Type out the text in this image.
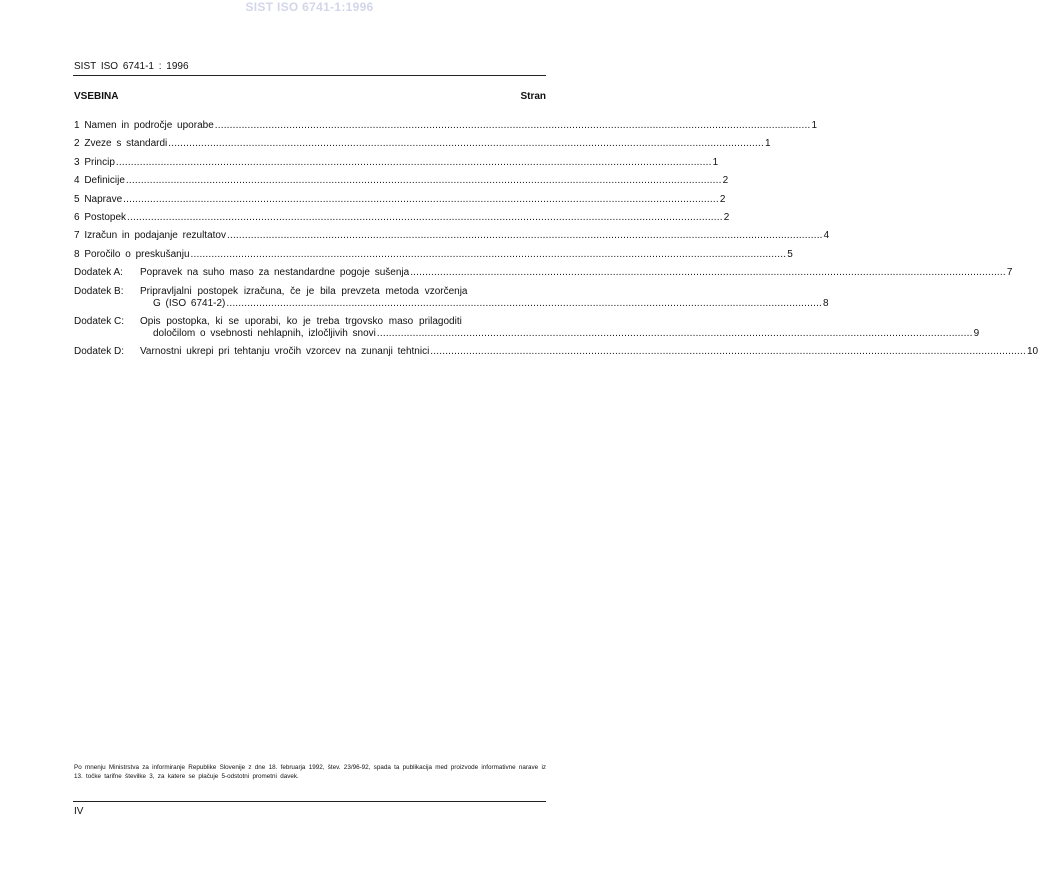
SIST ISO 6741-1:1996
SIST ISO 6741-1 : 1996
VSEBINA	Stran
1 Namen in področje uporabe .....	1
2 Zveze s standardi .....	1
3 Princip .....	1
4 Definicije .....	2
5 Naprave .....	2
6 Postopek .....	2
7 Izračun in podajanje rezultatov .....	4
8 Poročilo o preskušanju .....	5
Dodatek A:	Popravek na suho maso za nestandardne pogoje sušenja .....	7
Dodatek B:	Pripravljalni postopek izračuna, če je bila prevzeta metoda vzorčenja
G (ISO 6741-2) .....	8
Dodatek C:	Opis postopka, ki se uporabi, ko je treba trgovsko maso prilagoditi
določilom o vsebnosti nehlapnih, izločljivih snovi .....	9
Dodatek D:	Varnostni ukrepi pri tehtanju vročih vzorcev na zunanji tehtnici .....	10
Po mnenju Ministrstva za informiranje Republike Slovenije z dne 18. februarja 1992, štev. 23/96-92, spada ta publikacija med proizvode informativne narave iz 13. točke tarifne številke 3, za katere se plačuje 5-odstotni prometni davek.
IV
